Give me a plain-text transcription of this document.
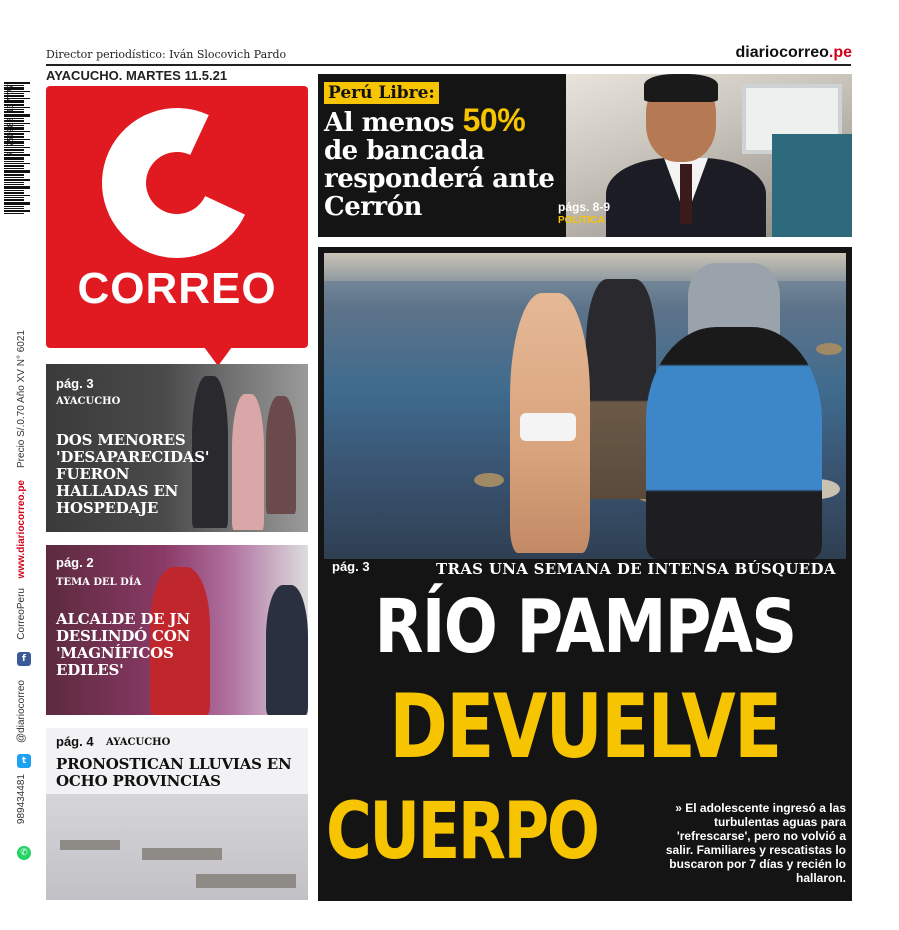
Director periodístico: Iván Slocovich Pardo	diariocorreo.pe
AYACUCHO. MARTES 11.5.21
7 750988 137777
Precio S/.0.70 Año XV N° 6021
www.diariocorreo.pe
CorreoPeru
f
@diariocorreo
t
989434481
✆
CORREO
Perú Libre:
Al menos 50%
de bancada responderá ante Cerrón	págs. 8-9
POLÍTICA
TRAS UNA SEMANA DE INTENSA BÚSQUEDA
pág. 3
RÍO PAMPAS
DEVUELVE
CUERPO	» El adolescente ingresó a las turbulentas aguas para 'refrescarse', pero no volvió a salir. Familiares y rescatistas lo buscaron por 7 días y recién lo hallaron.
pág. 3
AYACUCHO
DOS MENORES 'DESAPARECIDAS' FUERON HALLADAS EN HOSPEDAJE
pág. 2
TEMA DEL DÍA
ALCALDE DE JN DESLINDÓ CON 'MAGNÍFICOS EDILES'
pág. 4 AYACUCHO
PRONOSTICAN LLUVIAS EN OCHO PROVINCIAS
